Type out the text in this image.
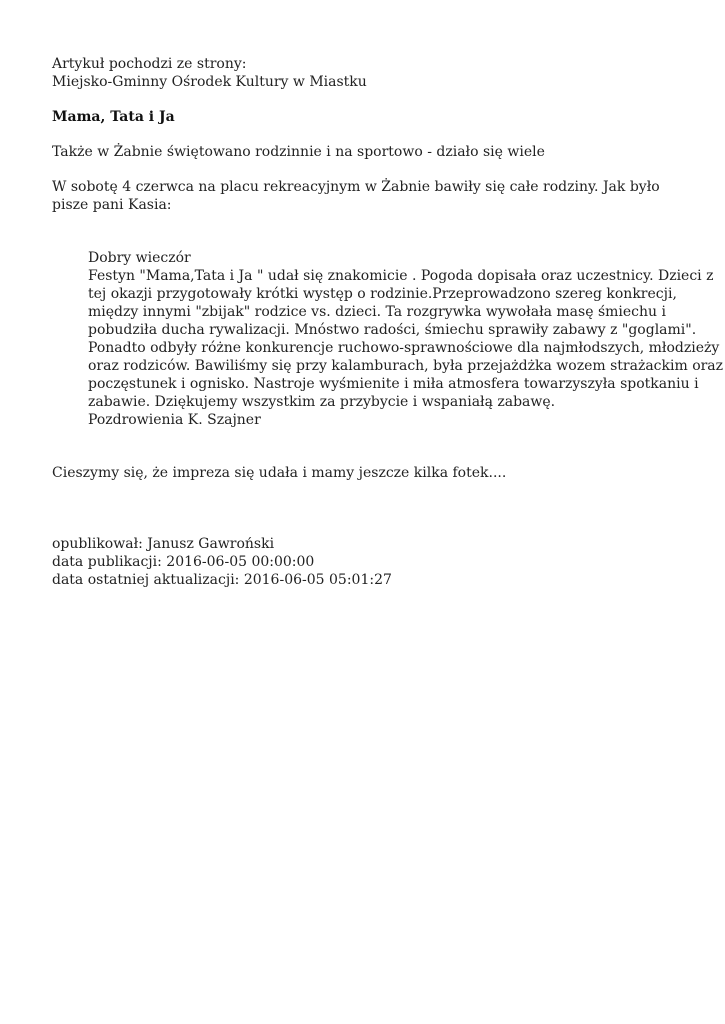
Artykuł pochodzi ze strony:
Miejsko-Gminny Ośrodek Kultury w Miastku
Mama, Tata i Ja

Także w Żabnie świętowano rodzinnie i na sportowo - działo się wiele

W sobotę 4 czerwca na placu rekreacyjnym w Żabnie bawiły się całe rodziny. Jak było pisze pani Kasia:

Dobry wieczór
Festyn "Mama,Tata i Ja " udał się znakomicie . Pogoda dopisała oraz uczestnicy. Dzieci z
tej okazji przygotowały krótki występ o rodzinie.Przeprowadzono szereg konkrecji,
między innymi "zbijak" rodzice vs. dzieci. Ta rozgrywka wywołała masę śmiechu i
pobudziła ducha rywalizacji. Mnóstwo radości, śmiechu sprawiły zabawy z "goglami".
Ponadto odbyły różne konkurencje ruchowo-sprawnościowe dla najmłodszych, młodzieży
oraz rodziców. Bawiliśmy się przy kalamburach, była przejażdżka wozem strażackim oraz
poczęstunek i ognisko. Nastroje wyśmienite i miła atmosfera towarzyszyła spotkaniu i
zabawie. Dziękujemy wszystkim za przybycie i wspaniałą zabawę.
Pozdrowienia K. Szajner

Cieszymy się, że impreza się udała i mamy jeszcze kilka fotek....

opublikował: Janusz Gawroński
data publikacji: 2016-06-05 00:00:00
data ostatniej aktualizacji: 2016-06-05 05:01:27
